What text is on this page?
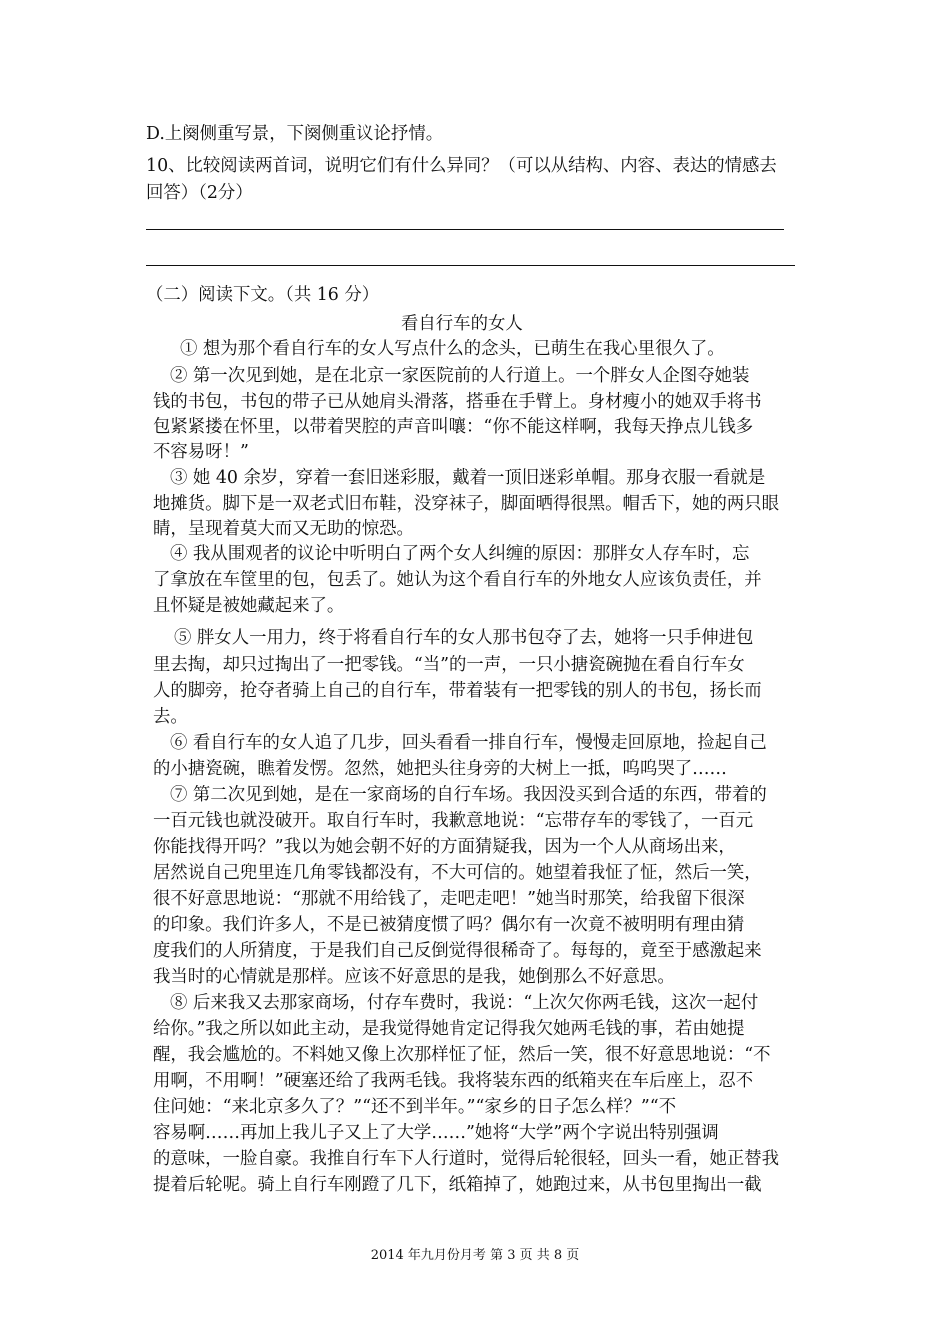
D.上阕侧重写景，下阕侧重议论抒情。
10、比较阅读两首词，说明它们有什么异同？（可以从结构、内容、表达的情感去
回答）（2分）
（二）阅读下文。（共 16 分）
看自行车的女人
① 想为那个看自行车的女人写点什么的念头，已萌生在我心里很久了。
② 第一次见到她，是在北京一家医院前的人行道上。一个胖女人企图夺她装
钱的书包，书包的带子已从她肩头滑落，搭垂在手臂上。身材瘦小的她双手将书
包紧紧搂在怀里，以带着哭腔的声音叫嚷：“你不能这样啊，我每天挣点儿钱多
不容易呀！”
③ 她 40 余岁，穿着一套旧迷彩服，戴着一顶旧迷彩单帽。那身衣服一看就是
地摊货。脚下是一双老式旧布鞋，没穿袜子，脚面晒得很黑。帽舌下，她的两只眼
睛，呈现着莫大而又无助的惊恐。
④ 我从围观者的议论中听明白了两个女人纠缠的原因：那胖女人存车时，忘
了拿放在车筐里的包，包丢了。她认为这个看自行车的外地女人应该负责任，并
且怀疑是被她藏起来了。
⑤ 胖女人一用力，终于将看自行车的女人那书包夺了去，她将一只手伸进包
里去掏，却只过掏出了一把零钱。“当”的一声，一只小搪瓷碗抛在看自行车女
人的脚旁，抢夺者骑上自己的自行车，带着装有一把零钱的别人的书包，扬长而
去。
⑥ 看自行车的女人追了几步，回头看看一排自行车，慢慢走回原地，捡起自己
的小搪瓷碗，瞧着发愣。忽然，她把头往身旁的大树上一抵，呜呜哭了……
⑦ 第二次见到她，是在一家商场的自行车场。我因没买到合适的东西，带着的
一百元钱也就没破开。取自行车时，我歉意地说：“忘带存车的零钱了，一百元
你能找得开吗？”我以为她会朝不好的方面猜疑我，因为一个人从商场出来，
居然说自己兜里连几角零钱都没有，不大可信的。她望着我怔了怔，然后一笑，
很不好意思地说：“那就不用给钱了，走吧走吧！”她当时那笑，给我留下很深
的印象。我们许多人，不是已被猜度惯了吗？偶尔有一次竟不被明明有理由猜
度我们的人所猜度，于是我们自己反倒觉得很稀奇了。每每的，竟至于感激起来
我当时的心情就是那样。应该不好意思的是我，她倒那么不好意思。
⑧ 后来我又去那家商场，付存车费时，我说：“上次欠你两毛钱，这次一起付
给你。”我之所以如此主动，是我觉得她肯定记得我欠她两毛钱的事，若由她提
醒，我会尴尬的。不料她又像上次那样怔了怔，然后一笑，很不好意思地说：“不
用啊，不用啊！”硬塞还给了我两毛钱。我将装东西的纸箱夹在车后座上，忍不
住问她：“来北京多久了？”“还不到半年。”“家乡的日子怎么样？”“不
容易啊……再加上我儿子又上了大学……”她将“大学”两个字说出特别强调
的意味，一脸自豪。我推自行车下人行道时，觉得后轮很轻，回头一看，她正替我
提着后轮呢。骑上自行车刚蹬了几下，纸箱掉了，她跑过来，从书包里掏出一截
2014 年九月份月考 第 3 页 共 8 页
